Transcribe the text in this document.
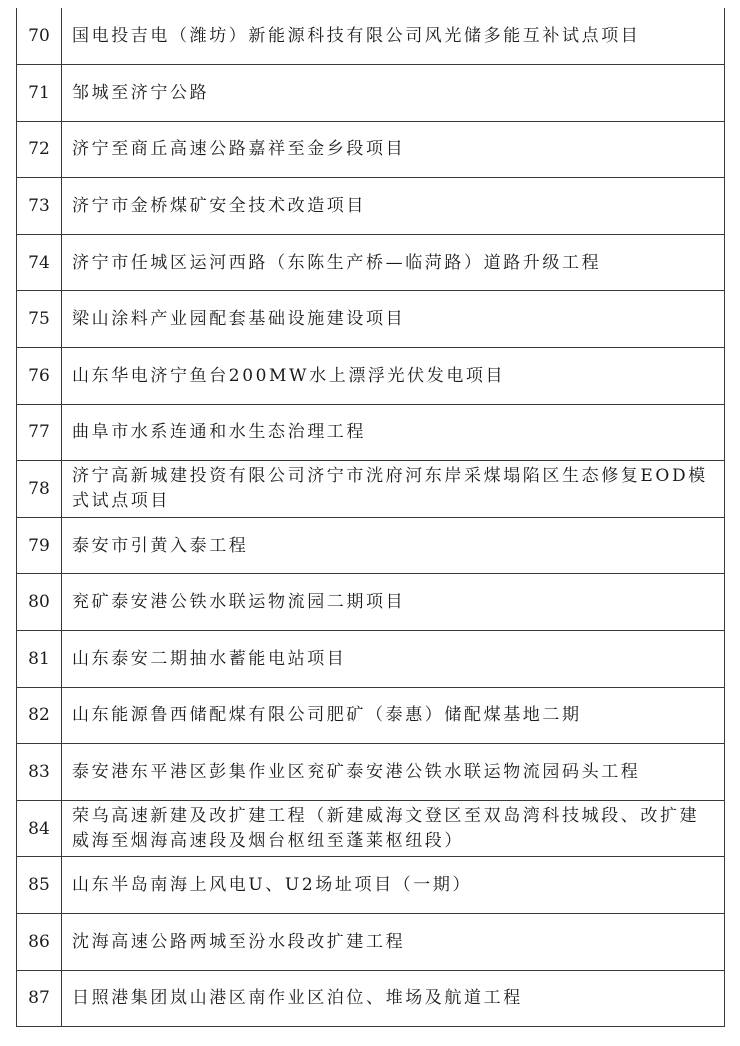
70	国电投吉电（潍坊）新能源科技有限公司风光储多能互补试点项目
71	邹城至济宁公路
72	济宁至商丘高速公路嘉祥至金乡段项目
73	济宁市金桥煤矿安全技术改造项目
74	济宁市任城区运河西路（东陈生产桥—临菏路）道路升级工程
75	梁山涂料产业园配套基础设施建设项目
76	山东华电济宁鱼台200MW水上漂浮光伏发电项目
77	曲阜市水系连通和水生态治理工程
78	济宁高新城建投资有限公司济宁市洸府河东岸采煤塌陷区生态修复EOD模式试点项目
79	泰安市引黄入泰工程
80	兖矿泰安港公铁水联运物流园二期项目
81	山东泰安二期抽水蓄能电站项目
82	山东能源鲁西储配煤有限公司肥矿（泰惠）储配煤基地二期
83	泰安港东平港区彭集作业区兖矿泰安港公铁水联运物流园码头工程
84	荣乌高速新建及改扩建工程（新建威海文登区至双岛湾科技城段、改扩建威海至烟海高速段及烟台枢纽至蓬莱枢纽段）
85	山东半岛南海上风电U、U2场址项目（一期）
86	沈海高速公路两城至汾水段改扩建工程
87	日照港集团岚山港区南作业区泊位、堆场及航道工程
